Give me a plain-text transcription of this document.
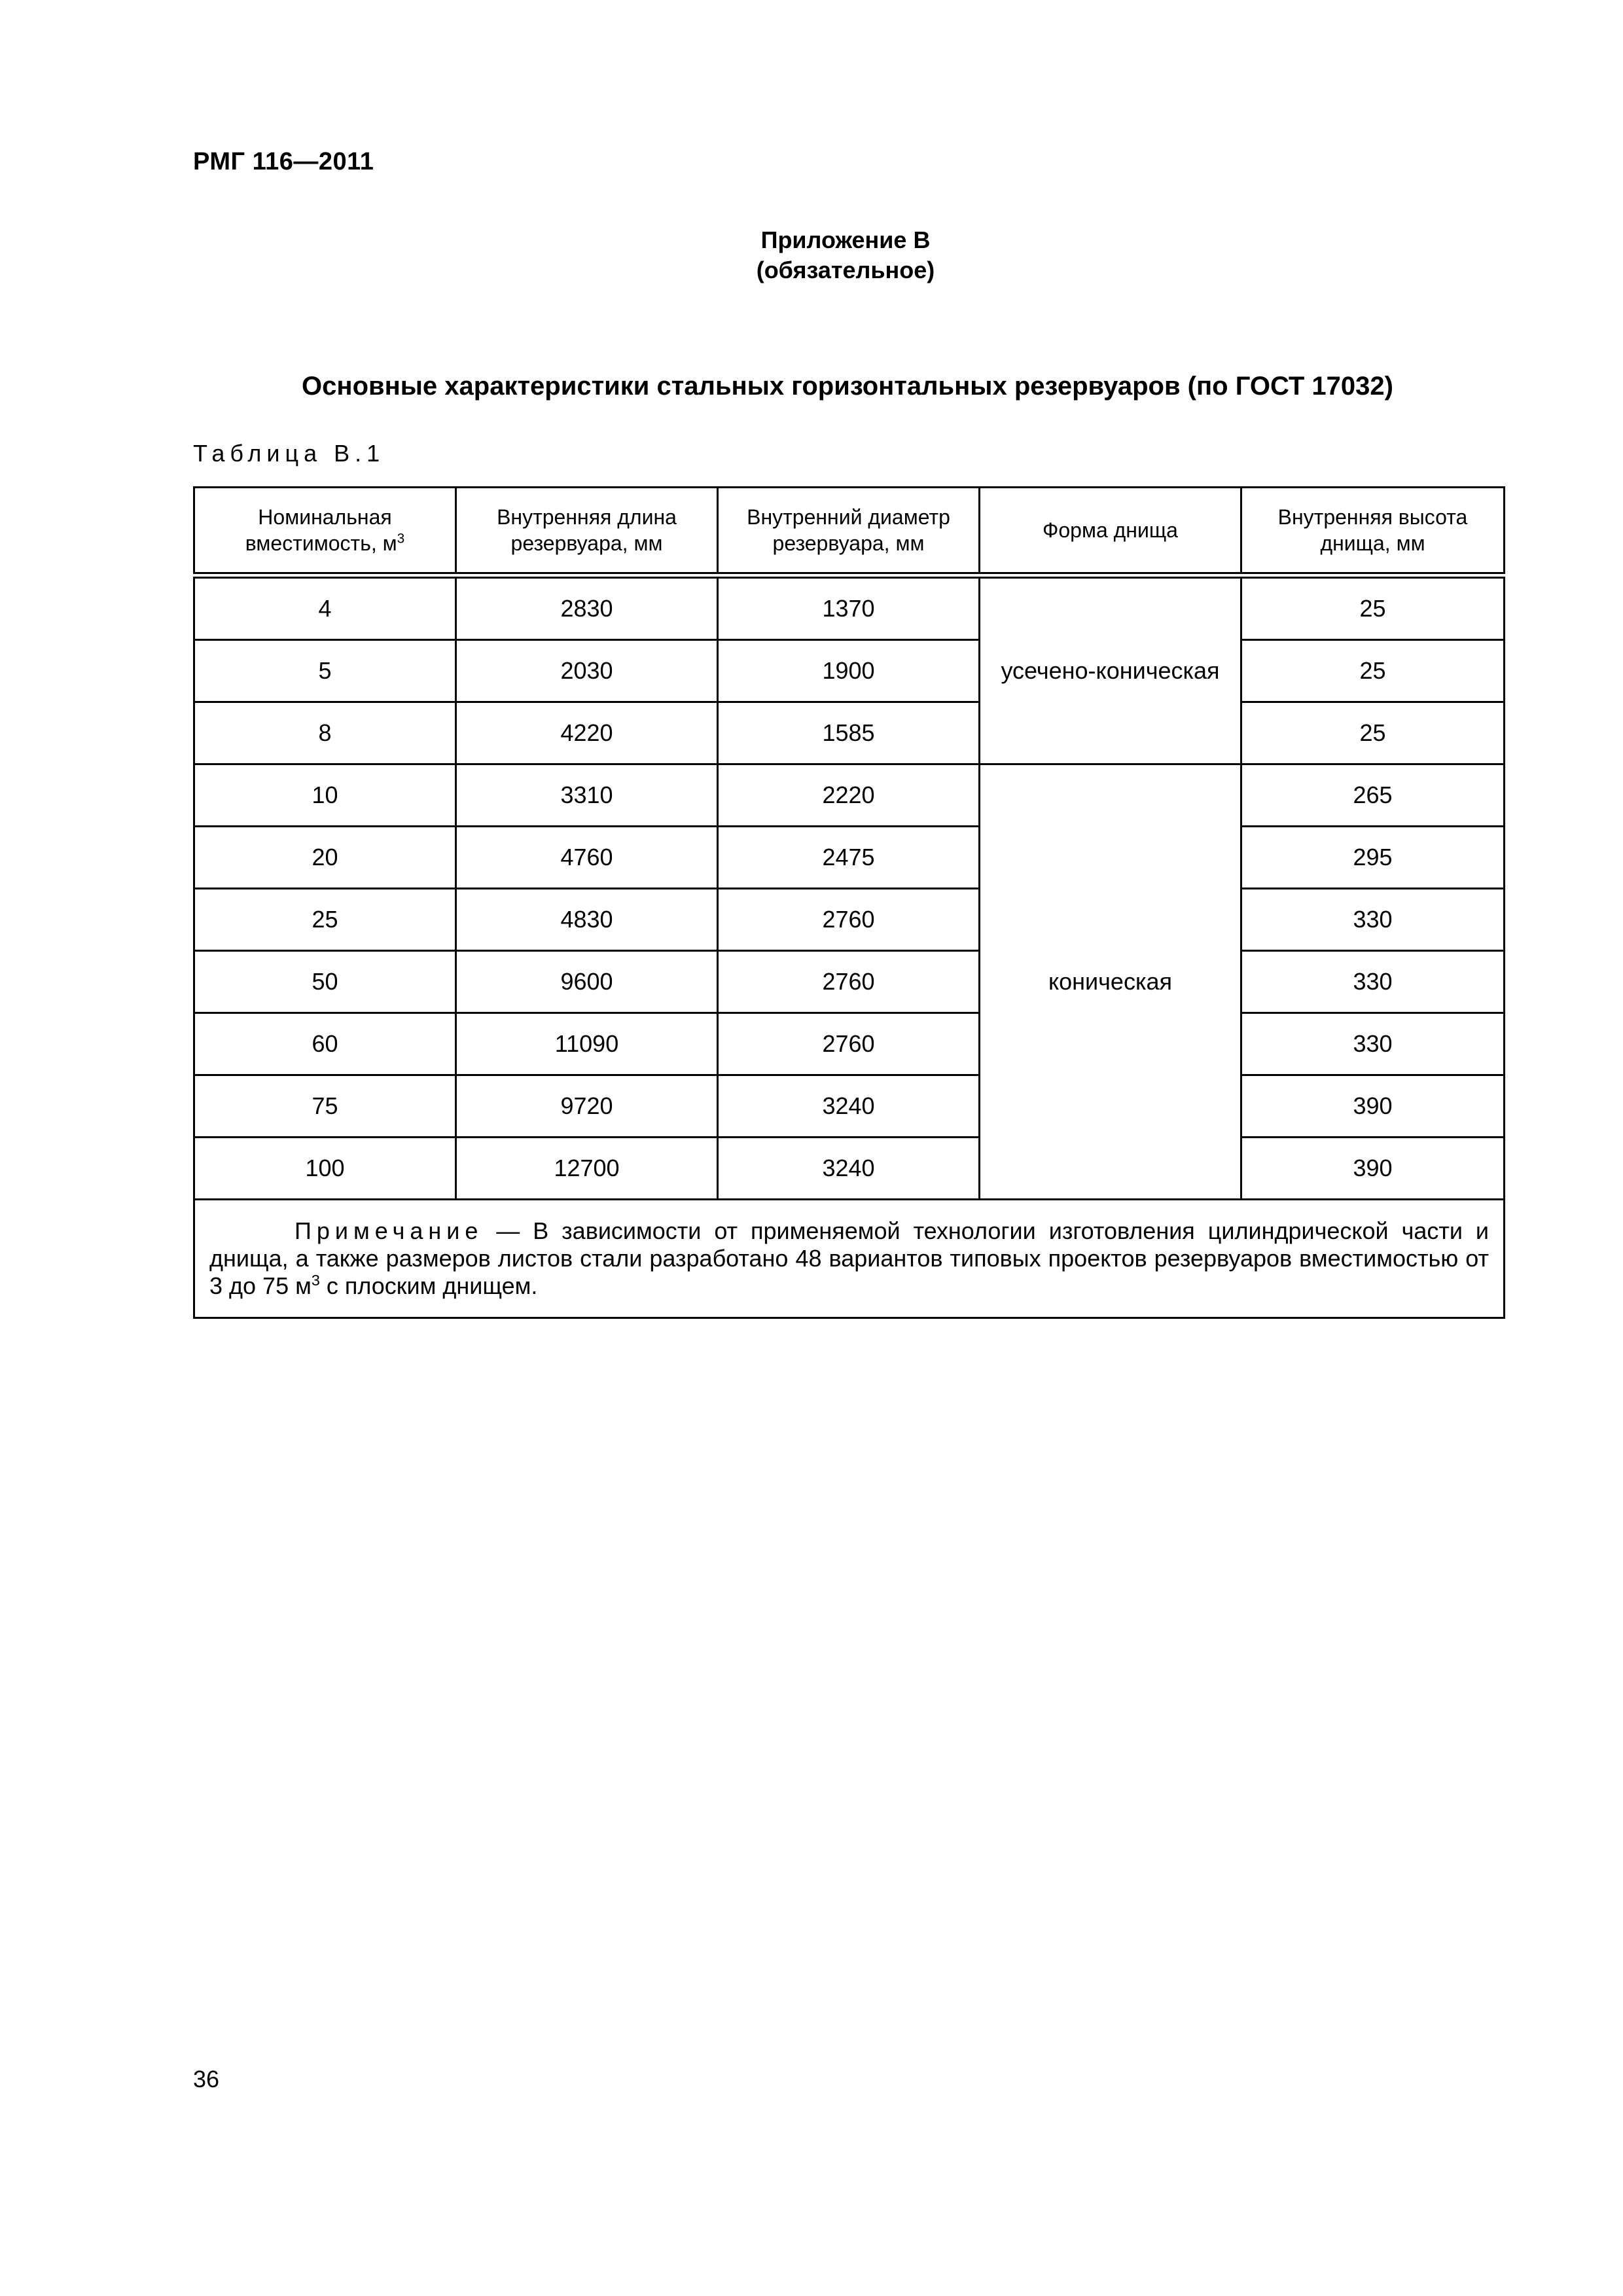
РМГ 116—2011
Приложение В
(обязательное)
Основные характеристики стальных горизонтальных резервуаров (по ГОСТ 17032)
Таблица В.1
Номинальная вместимость, $м^3$	Внутренняя длина резервуара, мм	Внутренний диаметр резервуара, мм	Форма днища	Внутренняя высота днища, мм
4	2830	1370	усечено-коническая	25
5	2030	1900		25
8	4220	1585		25
10	3310	2220	коническая	265
20	4760	2475		295
25	4830	2760		330
50	9600	2760		330
60	11090	2760		330
75	9720	3240		390
100	12700	3240		390
Примечание — В зависимости от применяемой технологии изготовления цилиндрической части и днища, а также размеров листов стали разработано 48 вариантов типовых проектов резервуаров вместимостью от 3 до 75 $м^3$ с плоским днищем.				
36
